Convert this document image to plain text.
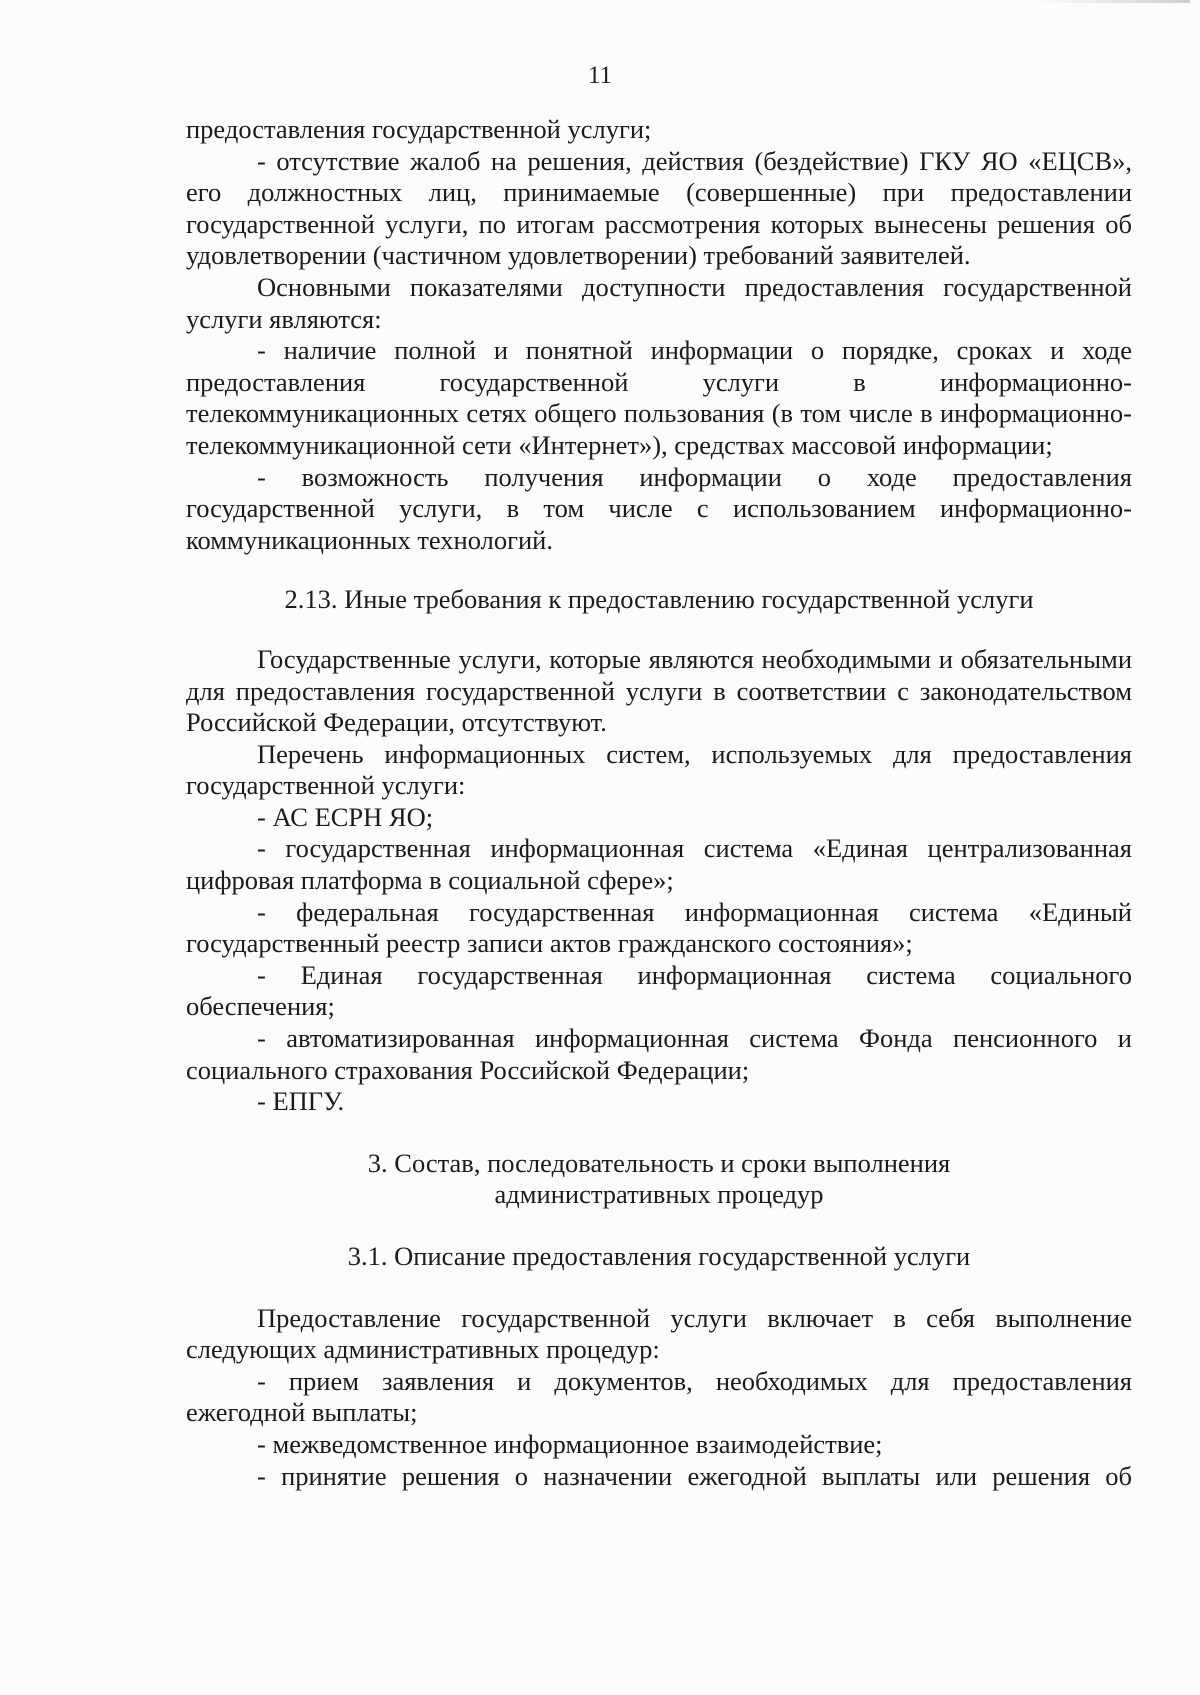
11

предоставления государственной услуги;

- отсутствие жалоб на решения, действия (бездействие) ГКУ ЯО «ЕЦСВ», его должностных лиц, принимаемые (совершенные) при предоставлении государственной услуги, по итогам рассмотрения которых вынесены решения об удовлетворении (частичном удовлетворении) требований заявителей.

Основными показателями доступности предоставления государственной услуги являются:

- наличие полной и понятной информации о порядке, сроках и ходе предоставления государственной услуги в информационно-телекоммуникационных сетях общего пользования (в том числе в информационно-телекоммуникационной сети «Интернет»), средствах массовой информации;

- возможность получения информации о ходе предоставления государственной услуги, в том числе с использованием информационно-коммуникационных технологий.

2.13. Иные требования к предоставлению государственной услуги

Государственные услуги, которые являются необходимыми и обязательными для предоставления государственной услуги в соответствии с законодательством Российской Федерации, отсутствуют.

Перечень информационных систем, используемых для предоставления государственной услуги:

- АС ЕСРН ЯО;

- государственная информационная система «Единая централизованная цифровая платформа в социальной сфере»;

- федеральная государственная информационная система «Единый государственный реестр записи актов гражданского состояния»;

- Единая государственная информационная система социального обеспечения;

- автоматизированная информационная система Фонда пенсионного и социального страхования Российской Федерации;

- ЕПГУ.

3. Состав, последовательность и сроки выполнения
административных процедур
3.1. Описание предоставления государственной услуги

Предоставление государственной услуги включает в себя выполнение следующих административных процедур:

- прием заявления и документов, необходимых для предоставления ежегодной выплаты;

- межведомственное информационное взаимодействие;

- принятие решения о назначении ежегодной выплаты или решения об
